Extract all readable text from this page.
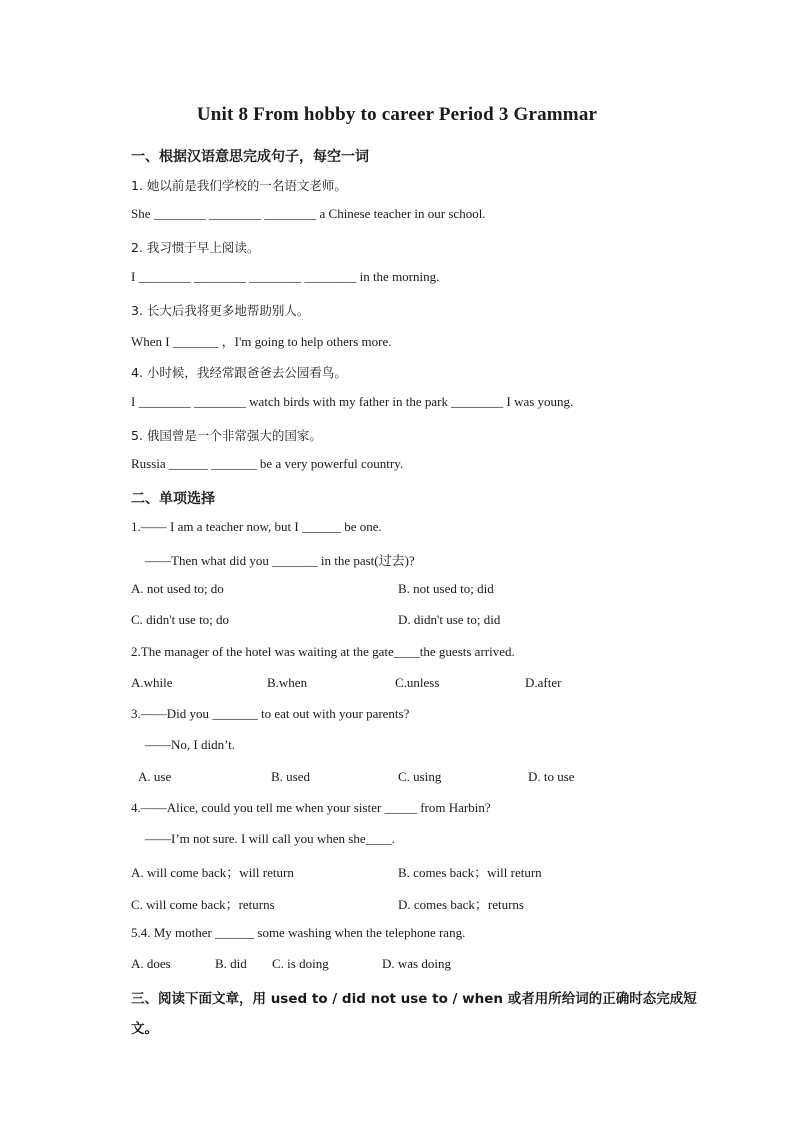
Unit 8 From hobby to career Period 3 Grammar
一、根据汉语意思完成句子，每空一词
1. 她以前是我们学校的一名语文老师。
She ________ ________ ________ a Chinese teacher in our school.
2. 我习惯于早上阅读。
I ________ ________ ________ ________ in the morning.
3. 长大后我将更多地帮助别人。
When I _______ ，I'm going to help others more.
4. 小时候，我经常跟爸爸去公园看鸟。
I ________ ________ watch birds with my father in the park ________ I was young.
5. 俄国曾是一个非常强大的国家。
Russia ______ _______ be a very powerful country.
二、单项选择
1.—— I am a teacher now, but I ______ be one.
——Then what did you _______ in the past(过去)?
A. not used to; do	B. not used to; did
C. didn't use to; do	D. didn't use to; did
2.The manager of the hotel was waiting at the gate____the guests arrived.
A.while	B.when	C.unless	D.after
3.——Did you _______ to eat out with your parents?
——No, I didn’t.
A. use	B. used	C. using	D. to use
4.——Alice, could you tell me when your sister _____ from Harbin?
——I’m not sure. I will call you when she____.
A. will come back；will return	B. comes back；will return
C. will come back；returns	D. comes back；returns
5.4. My mother ______ some washing when the telephone rang.
A. does	B. did C. is doing	D. was doing
三、阅读下面文章，用 used to / did not use to / when 或者用所给词的正确时态完成短
文。
